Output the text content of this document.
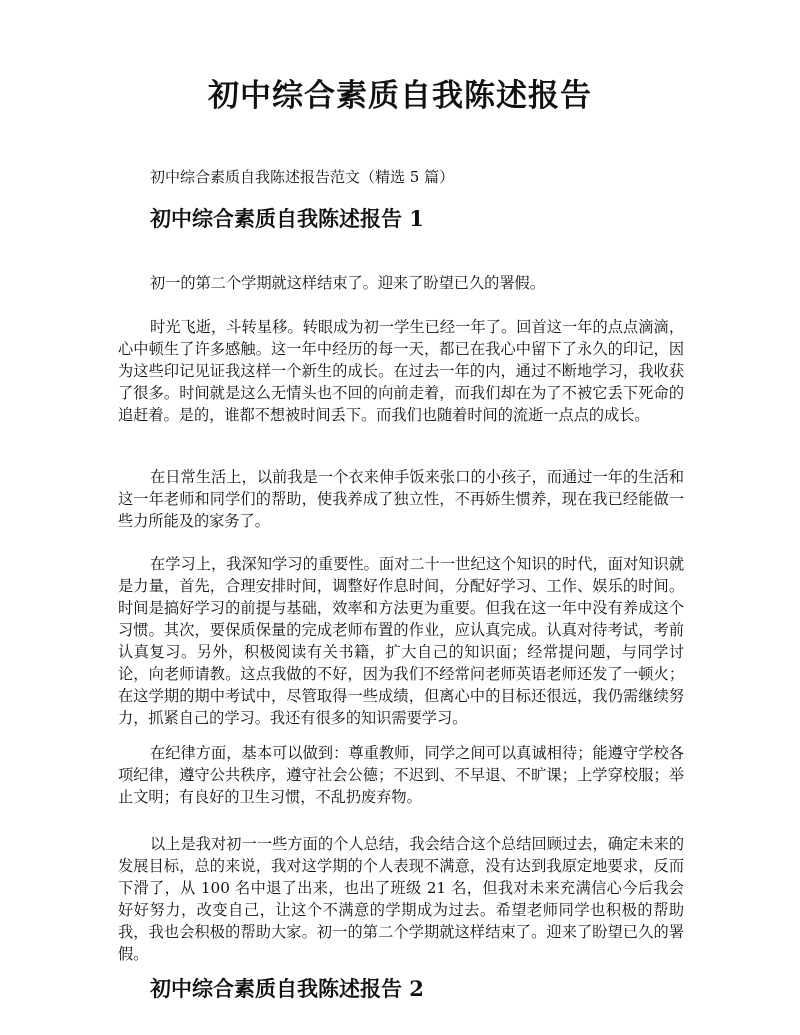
初中综合素质自我陈述报告
初中综合素质自我陈述报告范文（精选 5 篇）
初中综合素质自我陈述报告 1
初一的第二个学期就这样结束了。迎来了盼望已久的署假。
时光飞逝，斗转星移。转眼成为初一学生已经一年了。回首这一年的点点滴滴，心中顿生了许多感触。这一年中经历的每一天，都已在我心中留下了永久的印记，因为这些印记见证我这样一个新生的成长。在过去一年的内，通过不断地学习，我收获了很多。时间就是这么无情头也不回的向前走着，而我们却在为了不被它丢下死命的追赶着。是的，谁都不想被时间丢下。而我们也随着时间的流逝一点点的成长。
在日常生活上，以前我是一个衣来伸手饭来张口的小孩子，而通过一年的生活和这一年老师和同学们的帮助，使我养成了独立性，不再娇生惯养，现在我已经能做一些力所能及的家务了。
在学习上，我深知学习的重要性。面对二十一世纪这个知识的时代，面对知识就是力量，首先，合理安排时间，调整好作息时间，分配好学习、工作、娱乐的时间。时间是搞好学习的前提与基础，效率和方法更为重要。但我在这一年中没有养成这个习惯。其次，要保质保量的完成老师布置的作业，应认真完成。认真对待考试，考前认真复习。另外，积极阅读有关书籍，扩大自己的知识面；经常提问题，与同学讨论，向老师请教。这点我做的不好，因为我们不经常问老师英语老师还发了一顿火；在这学期的期中考试中，尽管取得一些成绩，但离心中的目标还很远，我仍需继续努力，抓紧自己的学习。我还有很多的知识需要学习。
在纪律方面，基本可以做到：尊重教师，同学之间可以真诚相待；能遵守学校各项纪律，遵守公共秩序，遵守社会公德；不迟到、不早退、不旷课；上学穿校服；举止文明；有良好的卫生习惯，不乱扔废弃物。
以上是我对初一一些方面的个人总结，我会结合这个总结回顾过去，确定未来的发展目标，总的来说，我对这学期的个人表现不满意，没有达到我原定地要求，反而下滑了，从 100 名中退了出来，也出了班级 21 名，但我对未来充满信心今后我会好好努力，改变自己，让这个不满意的学期成为过去。希望老师同学也积极的帮助我，我也会积极的帮助大家。初一的第二个学期就这样结束了。迎来了盼望已久的署假。
初中综合素质自我陈述报告 2
